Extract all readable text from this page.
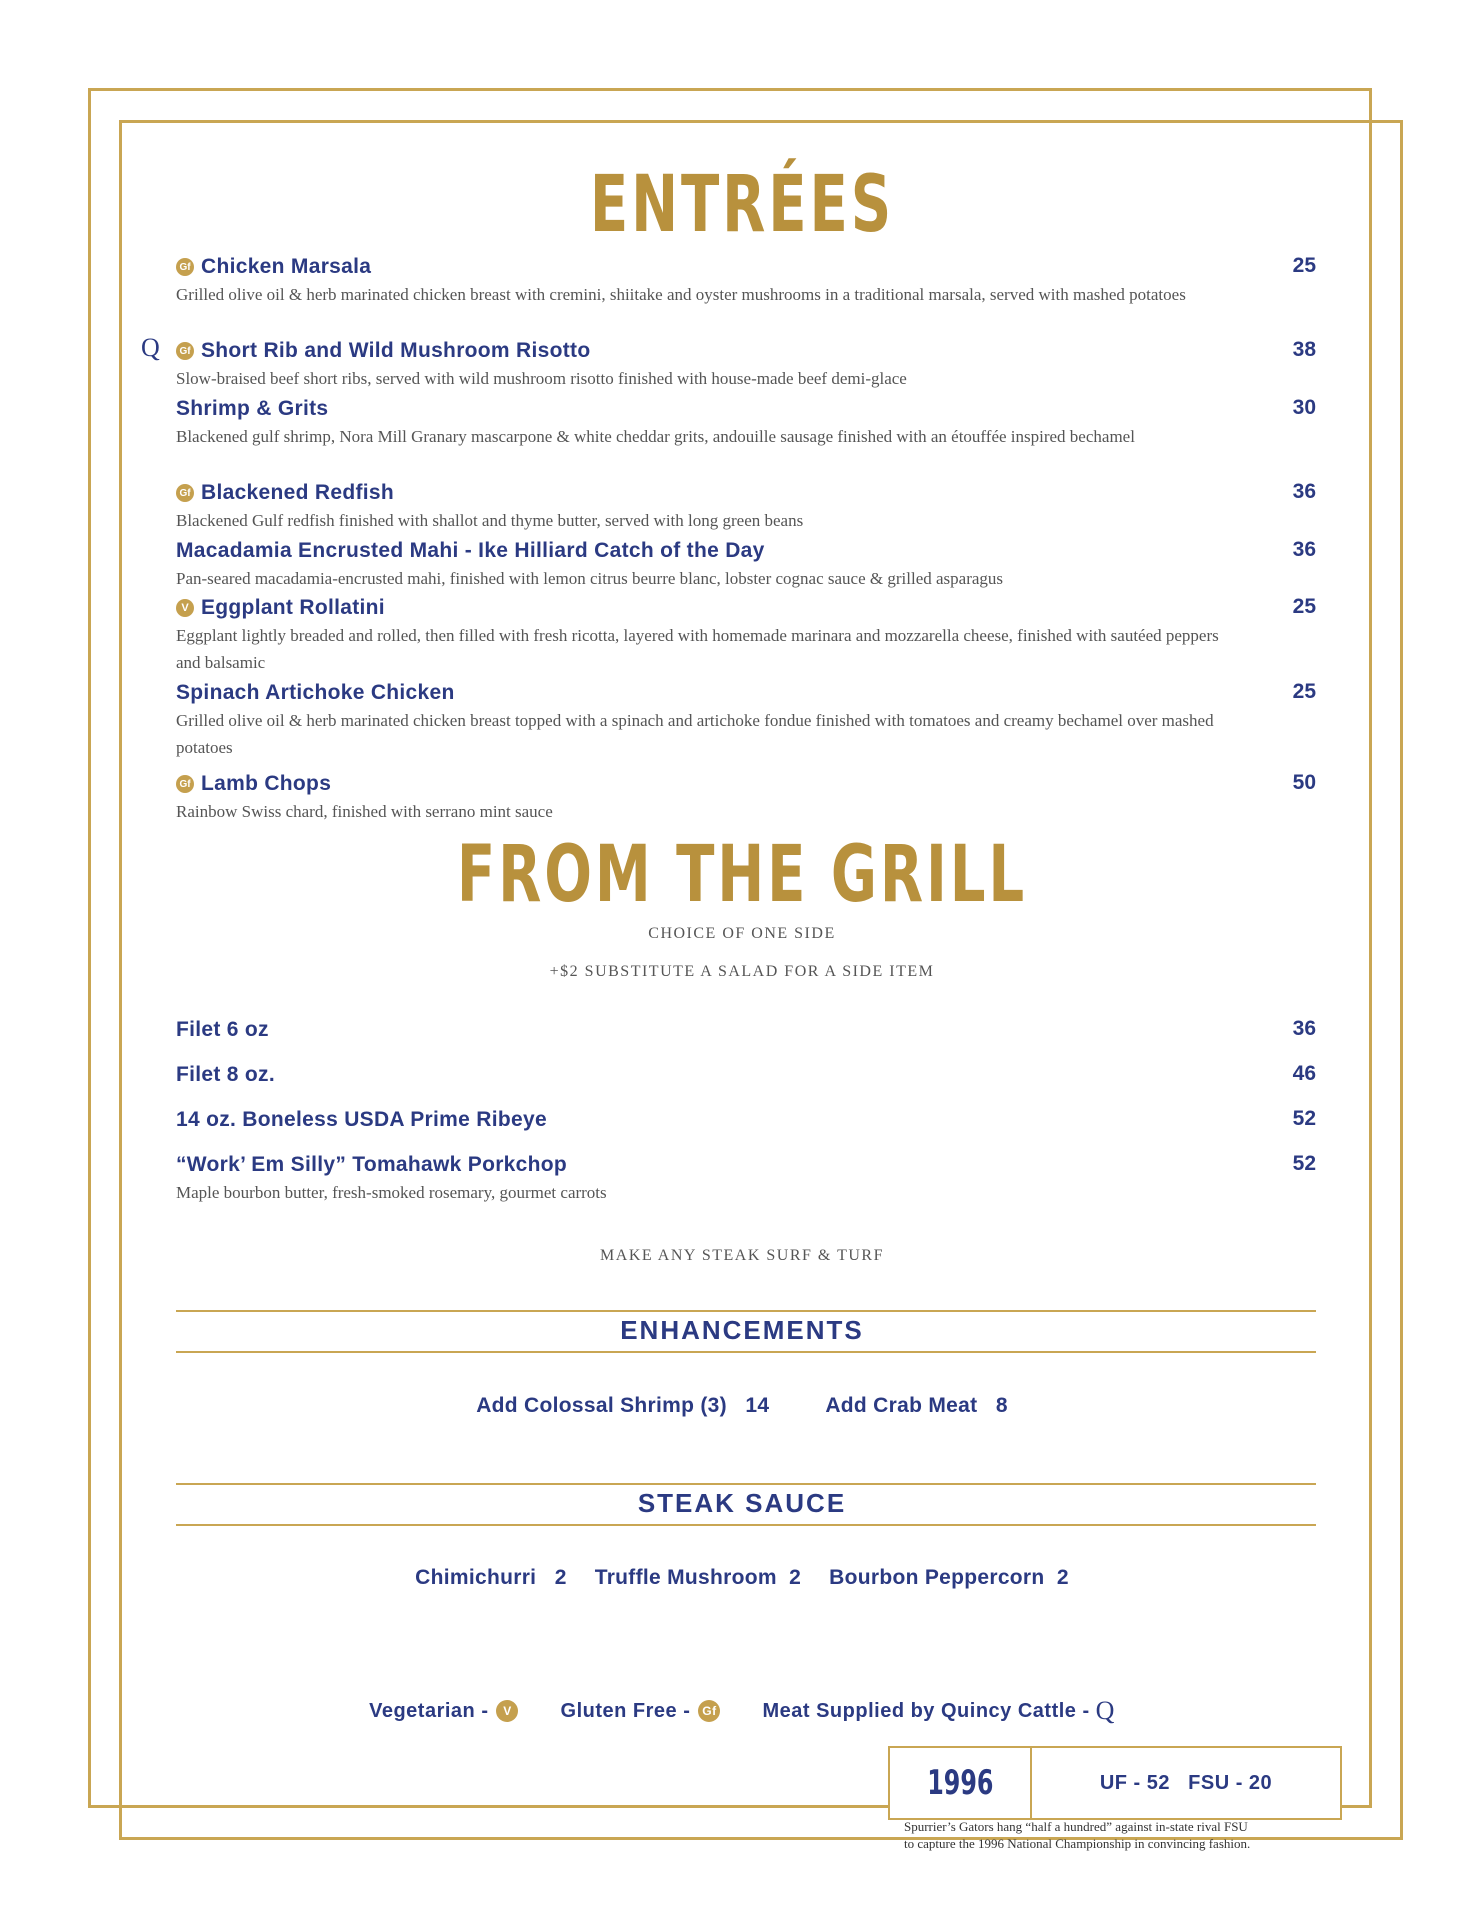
ENTRÉES
Gf Chicken Marsala	25
Grilled olive oil & herb marinated chicken breast with cremini, shiitake and oyster mushrooms in a traditional marsala, served with mashed potatoes
Gf Short Rib and Wild Mushroom Risotto	38
Slow-braised beef short ribs, served with wild mushroom risotto finished with house-made beef demi-glace
Q
Shrimp & Grits	30
Blackened gulf shrimp, Nora Mill Granary mascarpone & white cheddar grits, andouille sausage finished with an étouffée inspired bechamel
Gf Blackened Redfish	36
Blackened Gulf redfish finished with shallot and thyme butter, served with long green beans
Macadamia Encrusted Mahi - Ike Hilliard Catch of the Day	36
Pan-seared macadamia-encrusted mahi, finished with lemon citrus beurre blanc, lobster cognac sauce & grilled asparagus
V Eggplant Rollatini	25
Eggplant lightly breaded and rolled, then filled with fresh ricotta, layered with homemade marinara and mozzarella cheese, finished with sautéed peppers and balsamic
Spinach Artichoke Chicken	25
Grilled olive oil & herb marinated chicken breast topped with a spinach and artichoke fondue finished with tomatoes and creamy bechamel over mashed potatoes
Gf Lamb Chops	50
Rainbow Swiss chard, finished with serrano mint sauce
FROM THE GRILL
CHOICE OF ONE SIDE
+$2 SUBSTITUTE A SALAD FOR A SIDE ITEM
Filet 6 oz	36
Filet 8 oz.	46
14 oz. Boneless USDA Prime Ribeye	52
“Work’ Em Silly” Tomahawk Porkchop	52
Maple bourbon butter, fresh-smoked rosemary, gourmet carrots
MAKE ANY STEAK SURF & TURF
ENHANCEMENTS
Add Colossal Shrimp (3) 14	Add Crab Meat 8
STEAK SAUCE
Chimichurri 2 Truffle Mushroom 2 Bourbon Peppercorn 2
Vegetarian -	V
	Gluten Free - Gf
Meat Supplied by Quincy Cattle - Q
1996	UF - 52   FSU - 20
Spurrier’s Gators hang “half a hundred” against in-state rival FSU
to capture the 1996 National Championship in convincing fashion.
